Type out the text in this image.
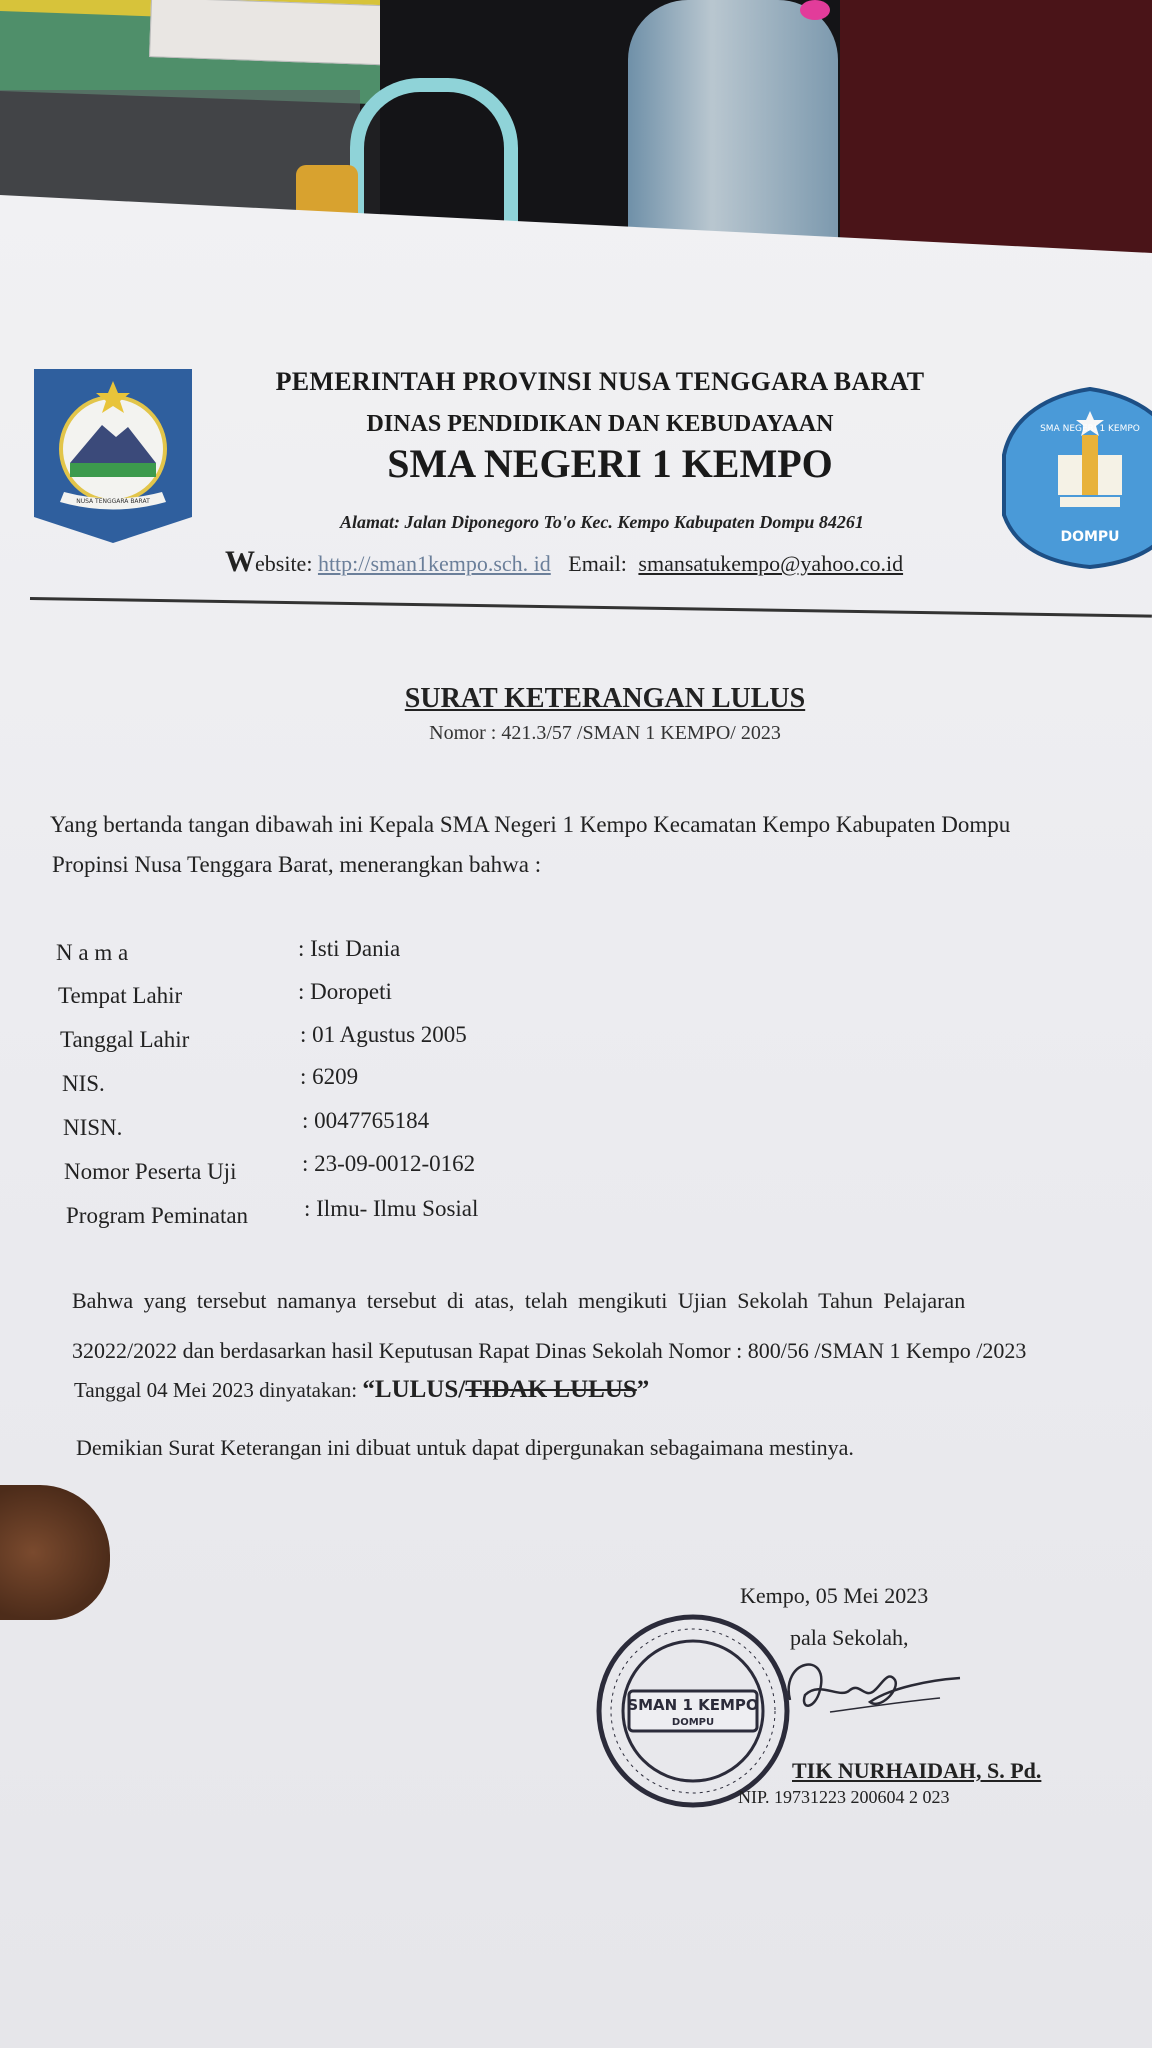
NUSA TENGGARA BARAT
DOMPU
SMA NEGERI 1 KEMPO
PEMERINTAH PROVINSI NUSA TENGGARA BARAT
DINAS PENDIDIKAN DAN KEBUDAYAAN
SMA NEGERI 1 KEMPO
Alamat: Jalan Diponegoro To'o Kec. Kempo Kabupaten Dompu 84261
Website: http://sman1kempo.sch. id Email: smansatukempo@yahoo.co.id
SURAT KETERANGAN LULUS
Nomor : 421.3/57 /SMAN 1 KEMPO/ 2023
Yang bertanda tangan dibawah ini Kepala SMA Negeri 1 Kempo Kecamatan Kempo Kabupaten Dompu
Propinsi Nusa Tenggara Barat, menerangkan bahwa :
N a m a	: Isti Dania
Tempat Lahir	: Doropeti
Tanggal Lahir	: 01 Agustus 2005
NIS.	: 6209
NISN.	: 0047765184
Nomor Peserta Uji	: 23-09-0012-0162
Program Peminatan : Ilmu- Ilmu Sosial
Bahwa yang tersebut namanya tersebut di atas, telah mengikuti Ujian Sekolah Tahun Pelajaran
32022/2022 dan berdasarkan hasil Keputusan Rapat Dinas Sekolah Nomor : 800/56 /SMAN 1 Kempo /2023
Tanggal 04 Mei 2023 dinyatakan: “LULUS/TIDAK LULUS”
Demikian Surat Keterangan ini dibuat untuk dapat dipergunakan sebagaimana mestinya.
Kempo, 05 Mei 2023
pala Sekolah,
SMAN 1 KEMPO
DOMPU
TIK NURHAIDAH, S. Pd.
NIP. 19731223 200604 2 023
